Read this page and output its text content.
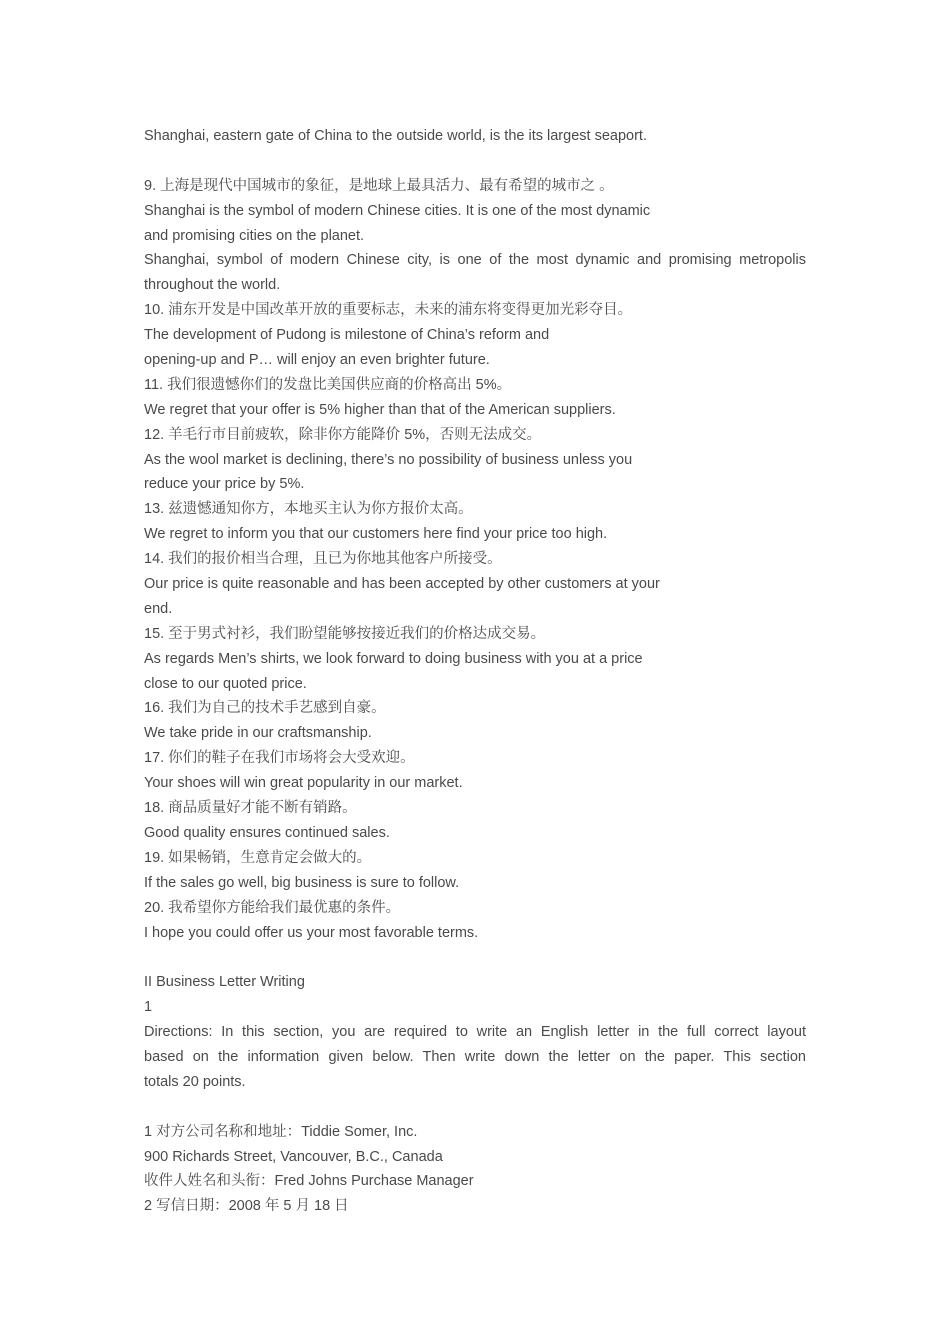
Shanghai, eastern gate of China to the outside world, is the its largest seaport.
9. 上海是现代中国城市的象征，是地球上最具活力、最有希望的城市之 。
Shanghai is the symbol of modern Chinese cities. It is one of the most dynamic
and promising cities on the planet.
Shanghai, symbol of modern Chinese city, is one of the most dynamic and promising metropolis
throughout the world.
10. 浦东开发是中国改革开放的重要标志，未来的浦东将变得更加光彩夺目。
The development of Pudong is milestone of China’s reform and
opening-up and P… will enjoy an even brighter future.
11. 我们很遗憾你们的发盘比美国供应商的价格高出 5%。
We regret that your offer is 5% higher than that of the American suppliers.
12. 羊毛行市目前疲软，除非你方能降价 5%，否则无法成交。
As the wool market is declining, there’s no possibility of business unless you
reduce your price by 5%.
13. 兹遗憾通知你方，本地买主认为你方报价太高。
We regret to inform you that our customers here find your price too high.
14. 我们的报价相当合理，且已为你地其他客户所接受。
Our price is quite reasonable and has been accepted by other customers at your
end.
15. 至于男式衬衫，我们盼望能够按接近我们的价格达成交易。
As regards Men’s shirts, we look forward to doing business with you at a price
close to our quoted price.
16. 我们为自己的技术手艺感到自豪。
We take pride in our craftsmanship.
17. 你们的鞋子在我们市场将会大受欢迎。
Your shoes will win great popularity in our market.
18. 商品质量好才能不断有销路。
Good quality ensures continued sales.
19. 如果畅销，生意肯定会做大的。
If the sales go well, big business is sure to follow.
20. 我希望你方能给我们最优惠的条件。
I hope you could offer us your most favorable terms.
II Business Letter Writing
1
Directions: In this section, you are required to write an English letter in the full correct layout
based on the information given below. Then write down the letter on the paper. This section
totals 20 points.
1 对方公司名称和地址：Tiddie Somer, Inc.
900 Richards Street, Vancouver, B.C., Canada
收件人姓名和头衔：Fred Johns Purchase Manager
2 写信日期：2008 年 5 月 18 日
